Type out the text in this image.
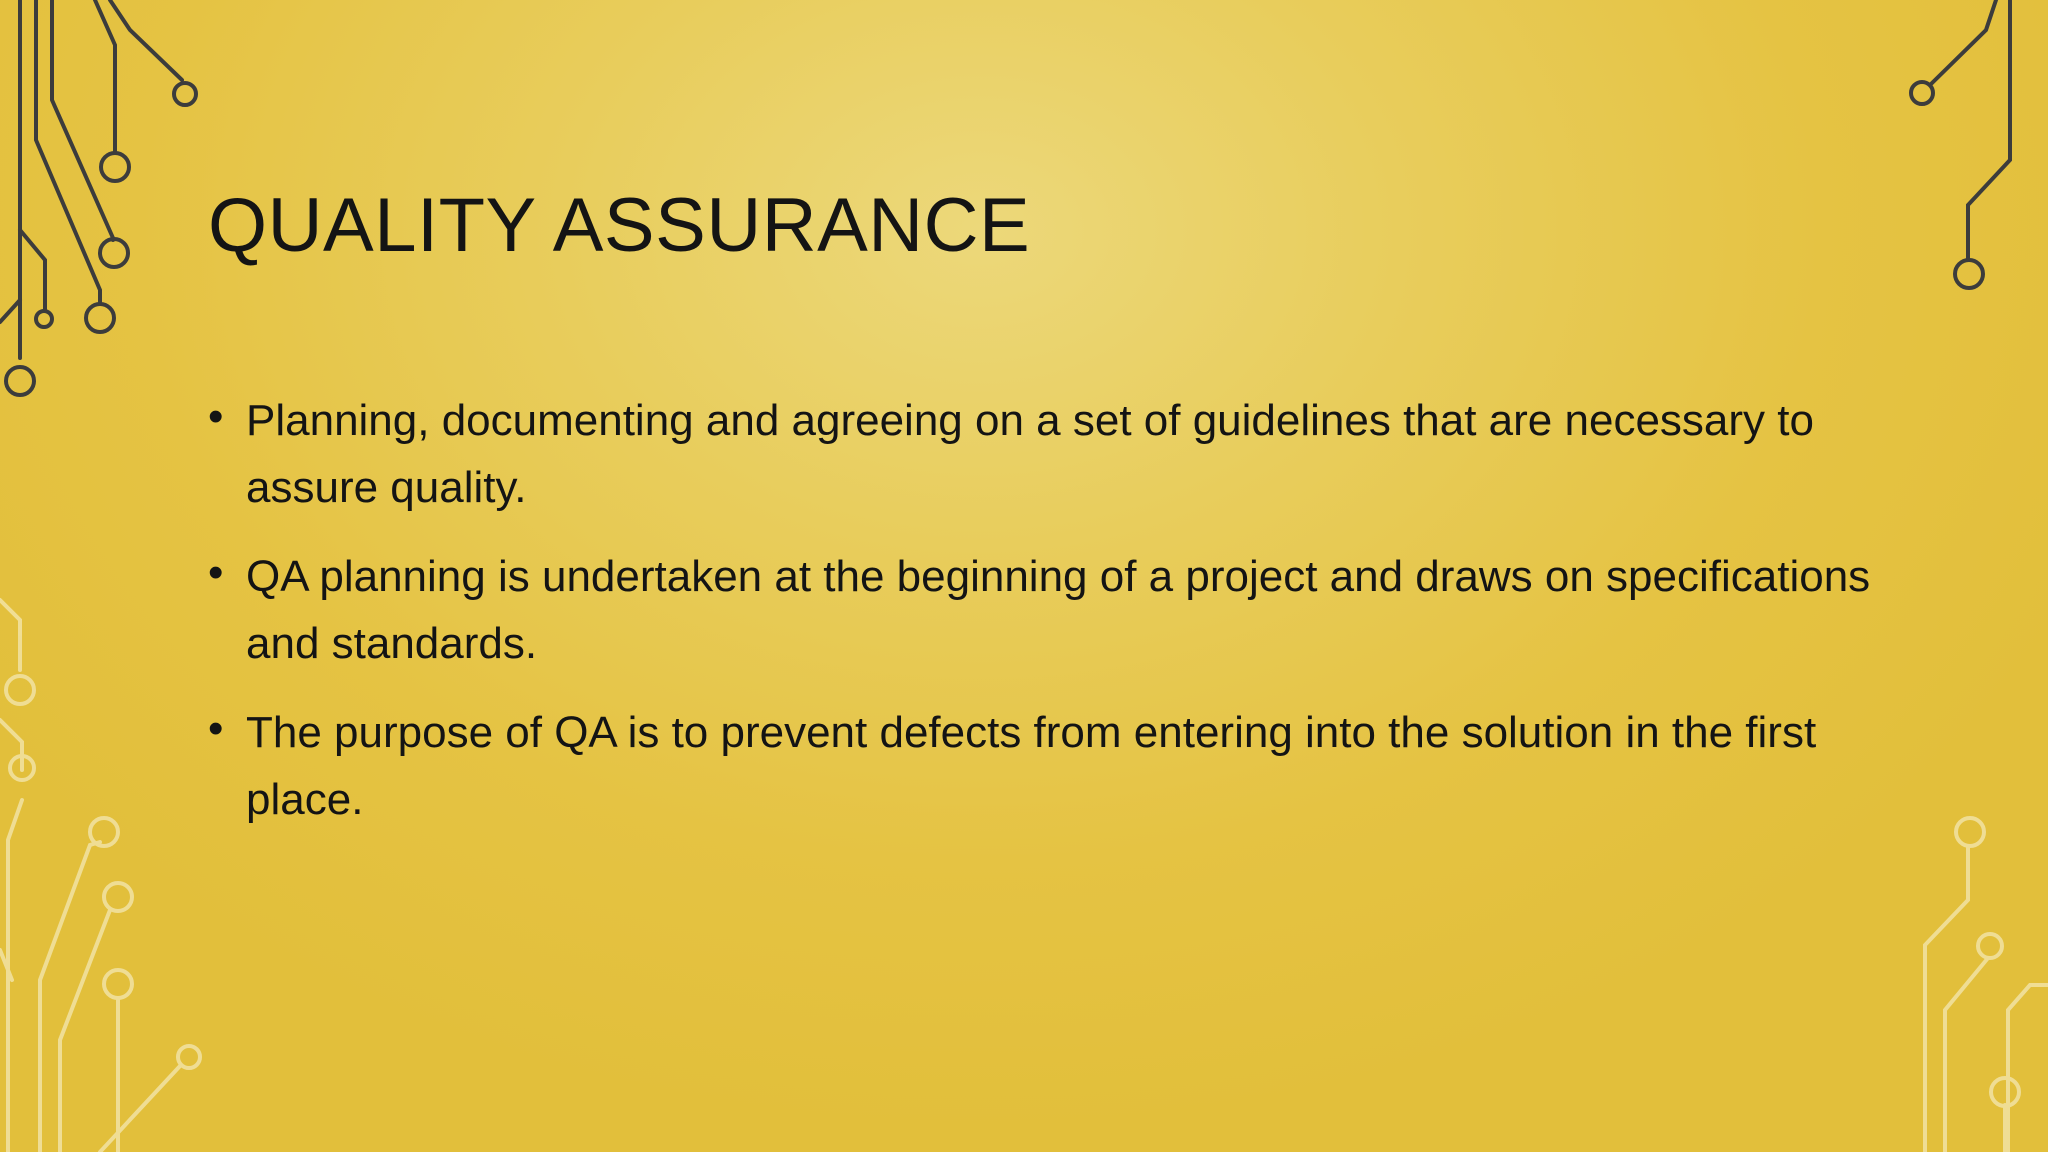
QUALITY ASSURANCE
• Planning, documenting and agreeing on a set of guidelines that are necessary to assure quality.
• QA planning is undertaken at the beginning of a project and draws on specifications and standards.
• The purpose of QA is to prevent defects from entering into the solution in the first place.
